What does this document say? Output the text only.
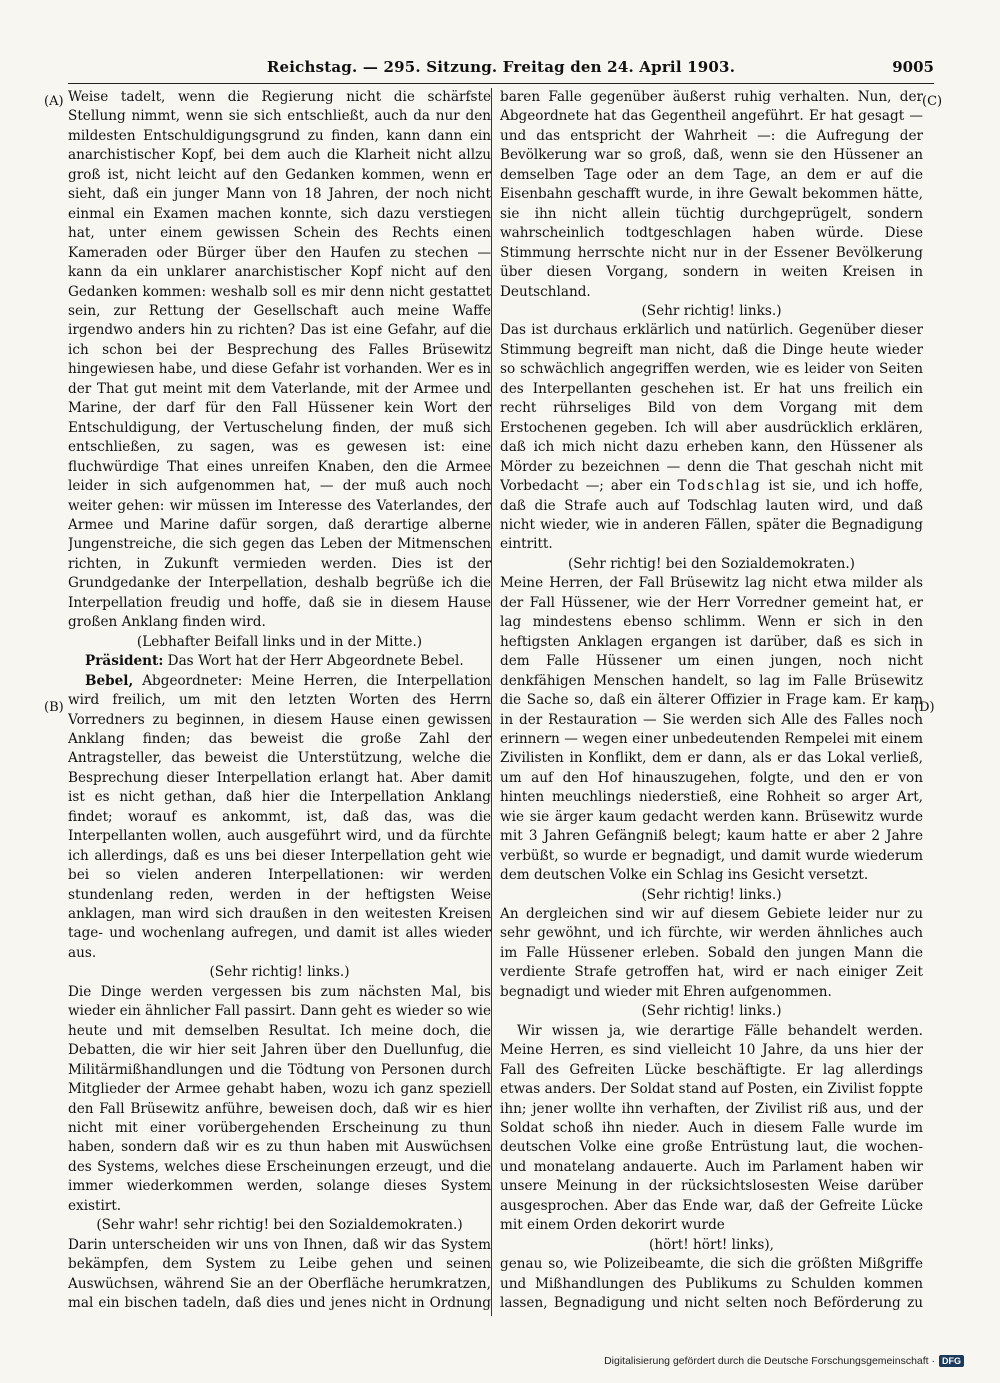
Reichstag. — 295. Sitzung. Freitag den 24. April 1903.	9005
(A)
(B)
(C)
(D)

Weise tadelt, wenn die Regierung nicht die schärfste Stellung nimmt, wenn sie sich entschließt, auch da nur den mildesten Entschuldigungsgrund zu finden, kann dann ein anarchistischer Kopf, bei dem auch die Klarheit nicht allzu groß ist, nicht leicht auf den Gedanken kommen, wenn er sieht, daß ein junger Mann von 18 Jahren, der noch nicht einmal ein Examen machen konnte, sich dazu verstiegen hat, unter einem gewissen Schein des Rechts einen Kameraden oder Bürger über den Haufen zu stechen — kann da ein unklarer anarchistischer Kopf nicht auf den Gedanken kommen: weshalb soll es mir denn nicht gestattet sein, zur Rettung der Gesellschaft auch meine Waffe irgendwo anders hin zu richten? Das ist eine Gefahr, auf die ich schon bei der Besprechung des Falles Brüsewitz hingewiesen habe, und diese Gefahr ist vorhanden. Wer es in der That gut meint mit dem Vaterlande, mit der Armee und Marine, der darf für den Fall Hüssener kein Wort der Entschuldigung, der Vertuschelung finden, der muß sich entschließen, zu sagen, was es gewesen ist: eine fluchwürdige That eines unreifen Knaben, den die Armee leider in sich aufgenommen hat, — der muß auch noch weiter gehen: wir müssen im Interesse des Vaterlandes, der Armee und Marine dafür sorgen, daß derartige alberne Jungenstreiche, die sich gegen das Leben der Mitmenschen richten, in Zukunft vermieden werden. Dies ist der Grundgedanke der Interpellation, deshalb begrüße ich die Interpellation freudig und hoffe, daß sie in diesem Hause großen Anklang finden wird.

(Lebhafter Beifall links und in der Mitte.)

Präsident: Das Wort hat der Herr Abgeordnete Bebel.

Bebel, Abgeordneter: Meine Herren, die Interpellation wird freilich, um mit den letzten Worten des Herrn Vorredners zu beginnen, in diesem Hause einen gewissen Anklang finden; das beweist die große Zahl der Antragsteller, das beweist die Unterstützung, welche die Besprechung dieser Interpellation erlangt hat. Aber damit ist es nicht gethan, daß hier die Interpellation Anklang findet; worauf es ankommt, ist, daß das, was die Interpellanten wollen, auch ausgeführt wird, und da fürchte ich allerdings, daß es uns bei dieser Interpellation geht wie bei so vielen anderen Interpellationen: wir werden stundenlang reden, werden in der heftigsten Weise anklagen, man wird sich draußen in den weitesten Kreisen tage- und wochenlang aufregen, und damit ist alles wieder aus.

(Sehr richtig! links.)

Die Dinge werden vergessen bis zum nächsten Mal, bis wieder ein ähnlicher Fall passirt. Dann geht es wieder so wie heute und mit demselben Resultat. Ich meine doch, die Debatten, die wir hier seit Jahren über den Duellunfug, die Militärmißhandlungen und die Tödtung von Personen durch Mitglieder der Armee gehabt haben, wozu ich ganz speziell den Fall Brüsewitz anführe, beweisen doch, daß wir es hier nicht mit einer vorübergehenden Erscheinung zu thun haben, sondern daß wir es zu thun haben mit Auswüchsen des Systems, welches diese Erscheinungen erzeugt, und die immer wiederkommen werden, solange dieses System existirt.

(Sehr wahr! sehr richtig! bei den Sozialdemokraten.)

Darin unterscheiden wir uns von Ihnen, daß wir das System bekämpfen, dem System zu Leibe gehen und seinen Auswüchsen, während Sie an der Oberfläche herumkratzen, mal ein bischen tadeln, daß dies und jenes nicht in Ordnung

baren Falle gegenüber äußerst ruhig verhalten. Nun, der Abgeordnete hat das Gegentheil angeführt. Er hat gesagt — und das entspricht der Wahrheit —: die Aufregung der Bevölkerung war so groß, daß, wenn sie den Hüssener an demselben Tage oder an dem Tage, an dem er auf die Eisenbahn geschafft wurde, in ihre Gewalt bekommen hätte, sie ihn nicht allein tüchtig durchgeprügelt, sondern wahrscheinlich todtgeschlagen haben würde. Diese Stimmung herrschte nicht nur in der Essener Bevölkerung über diesen Vorgang, sondern in weiten Kreisen in Deutschland.

(Sehr richtig! links.)

Das ist durchaus erklärlich und natürlich. Gegenüber dieser Stimmung begreift man nicht, daß die Dinge heute wieder so schwächlich angegriffen werden, wie es leider von Seiten des Interpellanten geschehen ist. Er hat uns freilich ein recht rührseliges Bild von dem Vorgang mit dem Erstochenen gegeben. Ich will aber ausdrücklich erklären, daß ich mich nicht dazu erheben kann, den Hüssener als Mörder zu bezeichnen — denn die That geschah nicht mit Vorbedacht —; aber ein Todschlag ist sie, und ich hoffe, daß die Strafe auch auf Todschlag lauten wird, und daß nicht wieder, wie in anderen Fällen, später die Begnadigung eintritt.

(Sehr richtig! bei den Sozialdemokraten.)

Meine Herren, der Fall Brüsewitz lag nicht etwa milder als der Fall Hüssener, wie der Herr Vorredner gemeint hat, er lag mindestens ebenso schlimm. Wenn er sich in den heftigsten Anklagen ergangen ist darüber, daß es sich in dem Falle Hüssener um einen jungen, noch nicht denkfähigen Menschen handelt, so lag im Falle Brüsewitz die Sache so, daß ein älterer Offizier in Frage kam. Er kam in der Restauration — Sie werden sich Alle des Falles noch erinnern — wegen einer unbedeutenden Rempelei mit einem Zivilisten in Konflikt, dem er dann, als er das Lokal verließ, um auf den Hof hinauszugehen, folgte, und den er von hinten meuchlings niederstieß, eine Rohheit so arger Art, wie sie ärger kaum gedacht werden kann. Brüsewitz wurde mit 3 Jahren Gefängniß belegt; kaum hatte er aber 2 Jahre verbüßt, so wurde er begnadigt, und damit wurde wiederum dem deutschen Volke ein Schlag ins Gesicht versetzt.

(Sehr richtig! links.)

An dergleichen sind wir auf diesem Gebiete leider nur zu sehr gewöhnt, und ich fürchte, wir werden ähnliches auch im Falle Hüssener erleben. Sobald den jungen Mann die verdiente Strafe getroffen hat, wird er nach einiger Zeit begnadigt und wieder mit Ehren aufgenommen.

(Sehr richtig! links.)

Wir wissen ja, wie derartige Fälle behandelt werden. Meine Herren, es sind vielleicht 10 Jahre, da uns hier der Fall des Gefreiten Lücke beschäftigte. Er lag allerdings etwas anders. Der Soldat stand auf Posten, ein Zivilist foppte ihn; jener wollte ihn verhaften, der Zivilist riß aus, und der Soldat schoß ihn nieder. Auch in diesem Falle wurde im deutschen Volke eine große Entrüstung laut, die wochen- und monatelang andauerte. Auch im Parlament haben wir unsere Meinung in der rücksichtslosesten Weise darüber ausgesprochen. Aber das Ende war, daß der Gefreite Lücke mit einem Orden dekorirt wurde

(hört! hört! links),

genau so, wie Polizeibeamte, die sich die größten Mißgriffe und Mißhandlungen des Publikums zu Schulden kommen lassen, Begnadigung und nicht selten noch Beförderung zu

Digitalisierung gefördert durch die Deutsche Forschungsgemeinschaft · DFG
